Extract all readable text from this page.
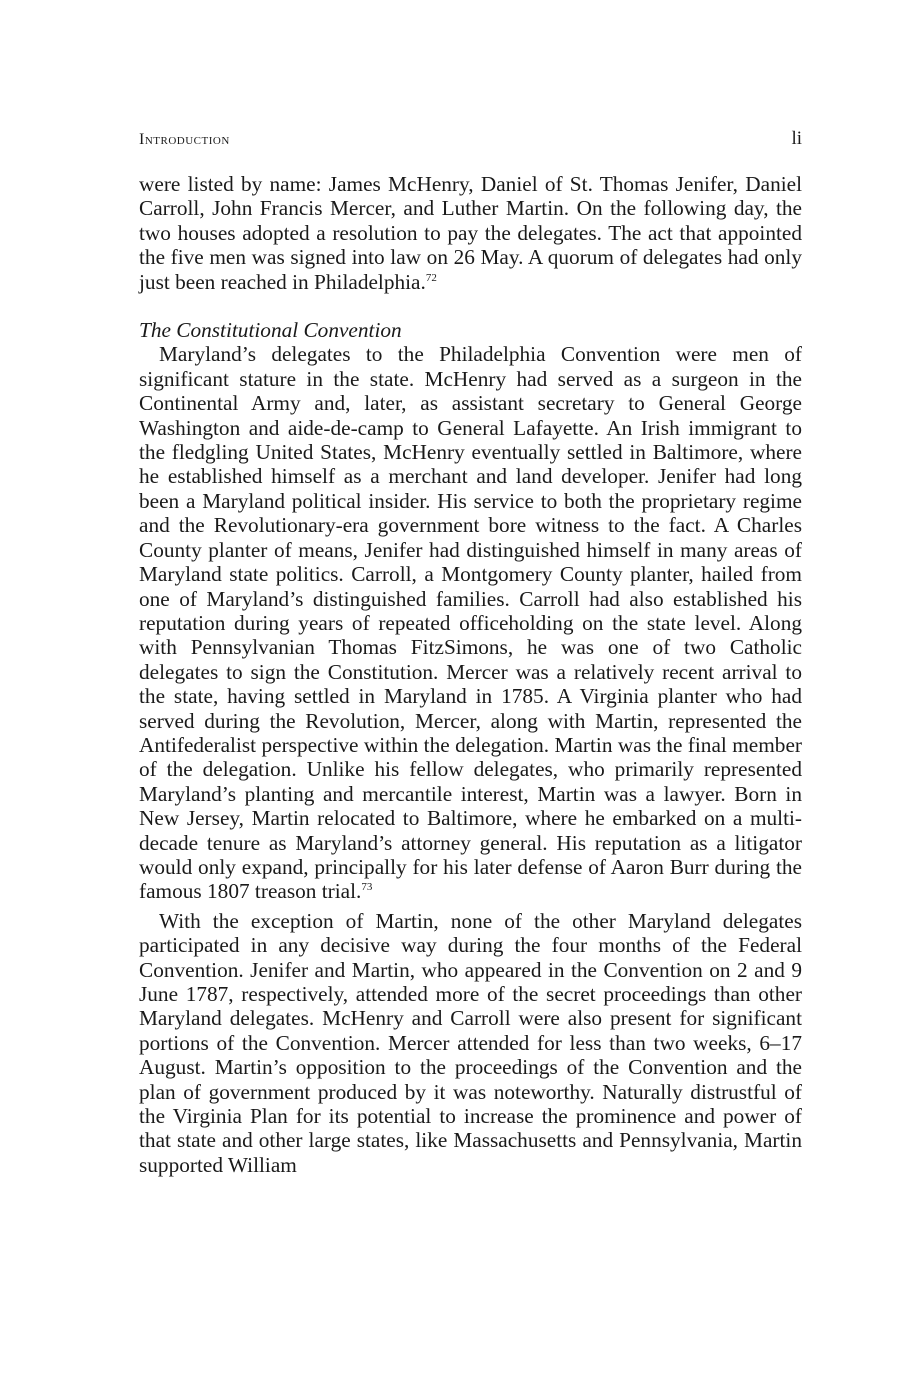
Introduction	li

were listed by name: James McHenry, Daniel of St. Thomas Jenifer, Daniel Carroll, John Francis Mercer, and Luther Martin. On the following day, the two houses adopted a resolution to pay the delegates. The act that appointed the five men was signed into law on 26 May. A quorum of delegates had only just been reached in Philadelphia.$^{72}$

The Constitutional Convention

Maryland’s delegates to the Philadelphia Convention were men of significant stature in the state. McHenry had served as a surgeon in the Continental Army and, later, as assistant secretary to General George Washington and aide-de-camp to General Lafayette. An Irish immigrant to the fledgling United States, McHenry eventually settled in Baltimore, where he established himself as a merchant and land developer. Jenifer had long been a Maryland political insider. His service to both the proprietary regime and the Revolutionary-era government bore witness to the fact. A Charles County planter of means, Jenifer had distinguished himself in many areas of Maryland state politics. Carroll, a Montgomery County planter, hailed from one of Maryland’s distinguished families. Carroll had also established his reputation during years of repeated officeholding on the state level. Along with Pennsylvanian Thomas FitzSimons, he was one of two Catholic delegates to sign the Constitution. Mercer was a relatively recent arrival to the state, having settled in Maryland in 1785. A Virginia planter who had served during the Revolution, Mercer, along with Martin, represented the Antifederalist perspective within the delegation. Martin was the final member of the delegation. Unlike his fellow delegates, who primarily represented Maryland’s planting and mercantile interest, Martin was a lawyer. Born in New Jersey, Martin relocated to Baltimore, where he embarked on a multi-decade tenure as Maryland’s attorney general. His reputation as a litigator would only expand, principally for his later defense of Aaron Burr during the famous 1807 treason trial.$^{73}$

With the exception of Martin, none of the other Maryland delegates participated in any decisive way during the four months of the Federal Convention. Jenifer and Martin, who appeared in the Convention on 2 and 9 June 1787, respectively, attended more of the secret proceedings than other Maryland delegates. McHenry and Carroll were also present for significant portions of the Convention. Mercer attended for less than two weeks, 6–17 August. Martin’s opposition to the proceedings of the Convention and the plan of government produced by it was noteworthy. Naturally distrustful of the Virginia Plan for its potential to increase the prominence and power of that state and other large states, like Massachusetts and Pennsylvania, Martin supported William
